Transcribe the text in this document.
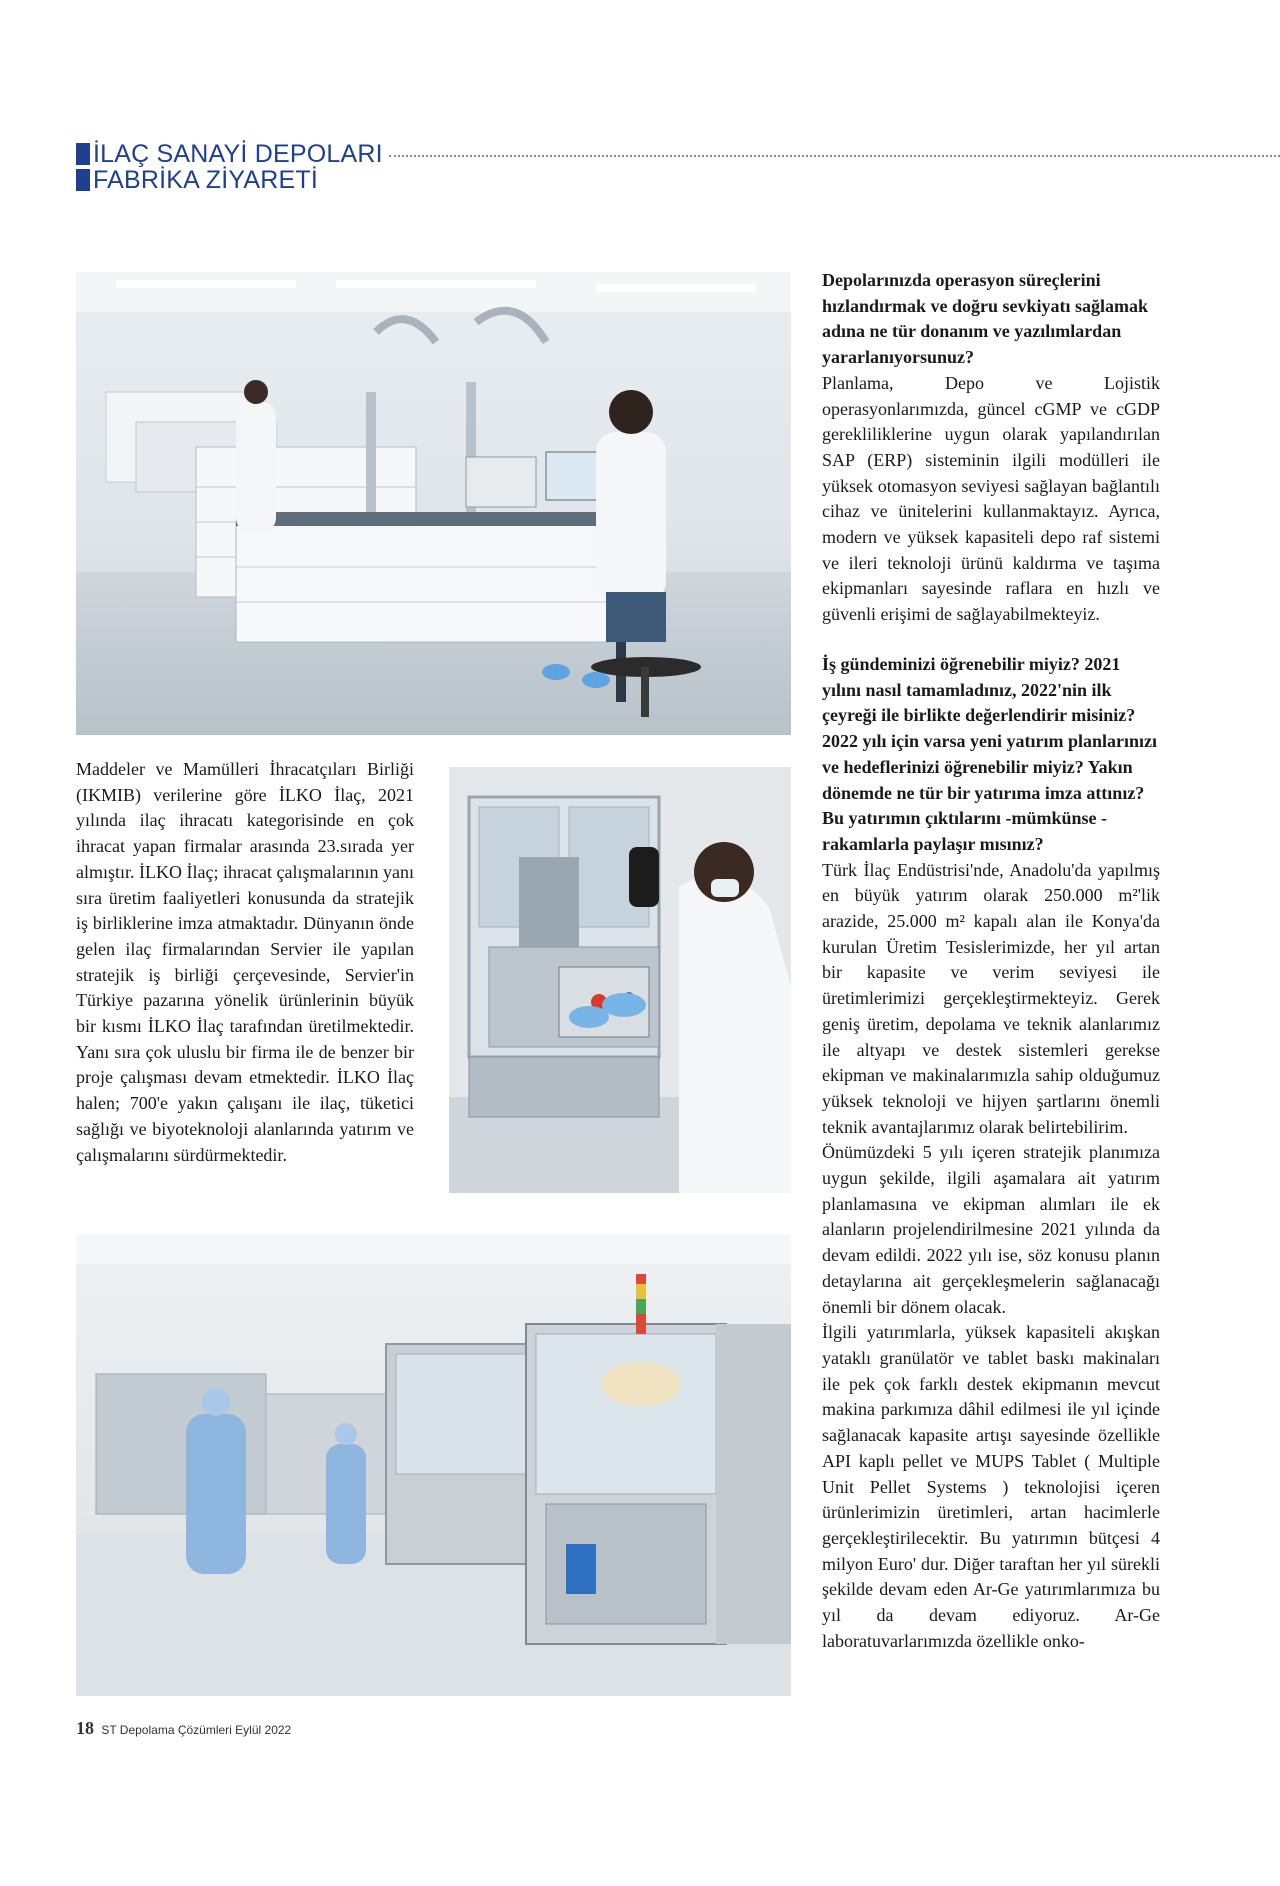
İLAÇ SANAYİ DEPOLARI
FABRİKA ZİYARETİ

Depolarınızda operasyon süreçlerini hızlandırmak ve doğru sevkiyatı sağlamak adına ne tür donanım ve yazılımlardan yararlanıyorsunuz?

Planlama, Depo ve Lojistik operasyonlarımızda, güncel cGMP ve cGDP gerekliliklerine uygun olarak yapılandırılan SAP (ERP) sisteminin ilgili modülleri ile yüksek otomasyon seviyesi sağlayan bağlantılı cihaz ve ünitelerini kullanmaktayız. Ayrıca, modern ve yüksek kapasiteli depo raf sistemi ve ileri teknoloji ürünü kaldırma ve taşıma ekipmanları sayesinde raflara en hızlı ve güvenli erişimi de sağlayabilmekteyiz.

Maddeler ve Mamülleri İhracatçıları Birliği (IKMIB) verilerine göre İLKO İlaç, 2021 yılında ilaç ihracatı kategorisinde en çok ihracat yapan firmalar arasında 23.sırada yer almıştır. İLKO İlaç; ihracat çalışmalarının yanı sıra üretim faaliyetleri konusunda da stratejik iş birliklerine imza atmaktadır. Dünyanın önde gelen ilaç firmalarından Servier ile yapılan stratejik iş birliği çerçevesinde, Servier'in Türkiye pazarına yönelik ürünlerinin büyük bir kısmı İLKO İlaç tarafından üretilmektedir. Yanı sıra çok uluslu bir firma ile de benzer bir proje çalışması devam etmektedir. İLKO İlaç halen; 700'e yakın çalışanı ile ilaç, tüketici sağlığı ve biyoteknoloji alanlarında yatırım ve çalışmalarını sürdürmektedir.

İş gündeminizi öğrenebilir miyiz? 2021 yılını nasıl tamamladınız, 2022'nin ilk çeyreği ile birlikte değerlendirir misiniz? 2022 yılı için varsa yeni yatırım planlarınızı ve hedeflerinizi öğrenebilir miyiz? Yakın dönemde ne tür bir yatırıma imza attınız? Bu yatırımın çıktılarını -mümkünse - rakamlarla paylaşır mısınız?

Türk İlaç Endüstrisi'nde, Anadolu'da yapılmış en büyük yatırım olarak 250.000 m²'lik arazide, 25.000 m² kapalı alan ile Konya'da kurulan Üretim Tesislerimizde, her yıl artan bir kapasite ve verim seviyesi ile üretimlerimizi gerçekleştirmekteyiz. Gerek geniş üretim, depolama ve teknik alanlarımız ile altyapı ve destek sistemleri gerekse ekipman ve makinalarımızla sahip olduğumuz yüksek teknoloji ve hijyen şartlarını önemli teknik avantajlarımız olarak belirtebilirim.

Önümüzdeki 5 yılı içeren stratejik planımıza uygun şekilde, ilgili aşamalara ait yatırım planlamasına ve ekipman alımları ile ek alanların projelendirilmesine 2021 yılında da devam edildi. 2022 yılı ise, söz konusu planın detaylarına ait gerçekleşmelerin sağlanacağı önemli bir dönem olacak.

İlgili yatırımlarla, yüksek kapasiteli akışkan yataklı granülatör ve tablet baskı makinaları ile pek çok farklı destek ekipmanın mevcut makina parkımıza dâhil edilmesi ile yıl içinde sağlanacak kapasite artışı sayesinde özellikle API kaplı pellet ve MUPS Tablet ( Multiple Unit Pellet Systems ) teknolojisi içeren ürünlerimizin üretimleri, artan hacimlerle gerçekleştirilecektir. Bu yatırımın bütçesi 4 milyon Euro' dur. Diğer taraftan her yıl sürekli şekilde devam eden Ar-Ge yatırımlarımıza bu yıl da devam ediyoruz. Ar-Ge laboratuvarlarımızda özellikle onko-

18 ST Depolama Çözümleri Eylül 2022
